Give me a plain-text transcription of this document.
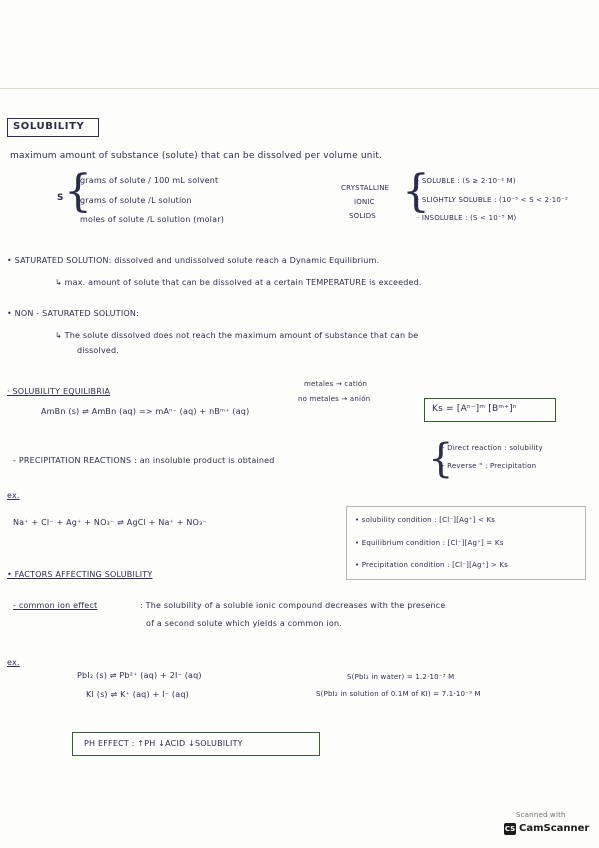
SOLUBILITY
maximum amount of substance (solute) that can be dissolved per volume unit.
S {
grams of solute / 100 mL solvent
grams of solute /L solution
moles of solute /L solution (molar)
CRYSTALLINE
IONIC
SOLIDS {
· SOLUBLE : (S ≥ 2·10⁻² M)
· SLIGHTLY SOLUBLE : (10⁻⁵ < S < 2·10⁻²
· INSOLUBLE : (S < 10⁻⁵ M)
• SATURATED SOLUTION: dissolved and undissolved solute reach a Dynamic Equilibrium.
↳ max. amount of solute that can be dissolved at a certain TEMPERATURE is exceeded.
• NON - SATURATED SOLUTION:
↳ The solute dissolved does not reach the maximum amount of substance that can be
dissolved.
metales → catión
no metales → anión
· SOLUBILITY EQUILIBRIA
AmBn (s) ⇌ AmBn (aq) => mAⁿ⁻ (aq) + nBᵐ⁺ (aq)	Ks = [Aⁿ⁻]ᵐ [Bᵐ⁺]ⁿ
- PRECIPITATION REACTIONS : an insoluble product is obtained	{
- Direct reaction : solubility
- Reverse " : Precipitation
ex.
Na⁺ + Cl⁻ + Ag⁺ + NO₃⁻ ⇌ AgCl + Na⁺ + NO₃⁻	• solubility condition : [Cl⁻][Ag⁺] < Ks
• Equilibrium condition : [Cl⁻][Ag⁺] = Ks
• Precipitation condition : [Cl⁻][Ag⁺] > Ks
• FACTORS AFFECTING SOLUBILITY
- common ion effect	: The solubility of a soluble ionic compound decreases with the presence
of a second solute which yields a common ion.
ex.
PbI₂ (s) ⇌ Pb²⁺ (aq) + 2I⁻ (aq)
KI (s) ⇌ K⁺ (aq) + I⁻ (aq)
S(PbI₂ in water) = 1.2·10⁻³ M
S(PbI₂ in solution of 0.1M of KI) = 7.1·10⁻⁹ M
PH EFFECT : ↑PH ↓ACID ↓SOLUBILITY
Scanned with
CS CamScanner
